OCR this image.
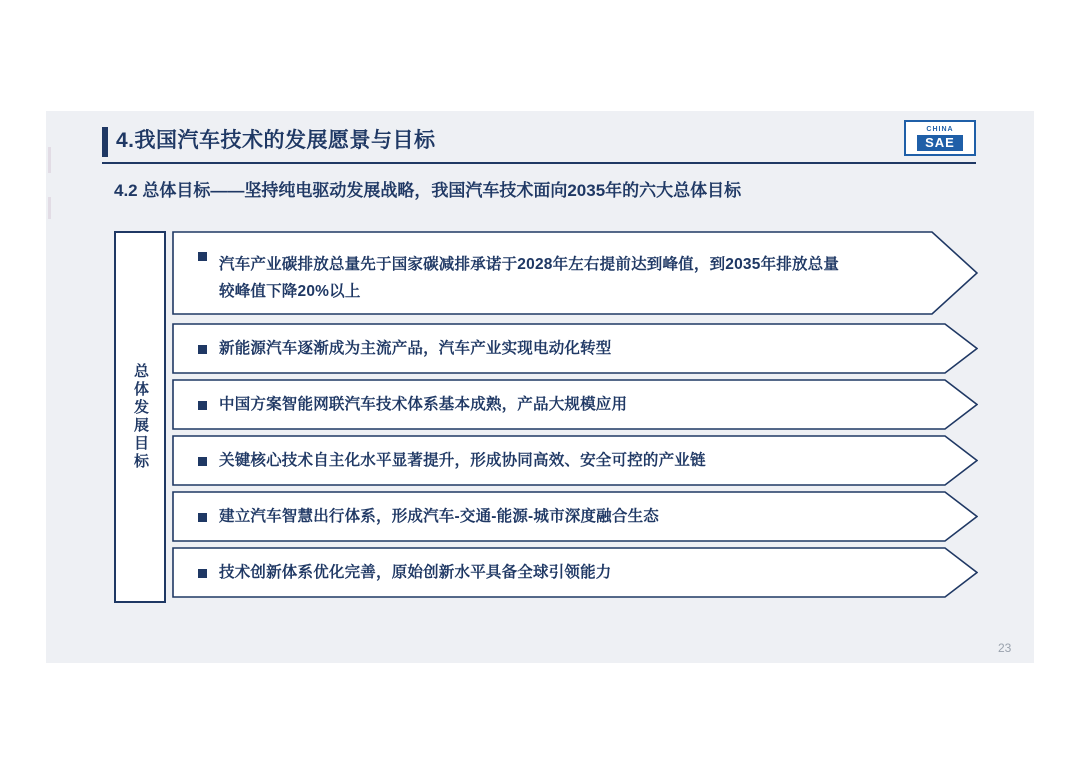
4.我国汽车技术的发展愿景与目标	CHINA
SAE
4.2 总体目标——坚持纯电驱动发展战略，我国汽车技术面向2035年的六大总体目标
总体发展目标
汽车产业碳排放总量先于国家碳减排承诺于2028年左右提前达到峰值，到2035年排放总量
较峰值下降20%以上
新能源汽车逐渐成为主流产品，汽车产业实现电动化转型
中国方案智能网联汽车技术体系基本成熟，产品大规模应用
关键核心技术自主化水平显著提升，形成协同高效、安全可控的产业链
建立汽车智慧出行体系，形成汽车-交通-能源-城市深度融合生态
技术创新体系优化完善，原始创新水平具备全球引领能力
23
